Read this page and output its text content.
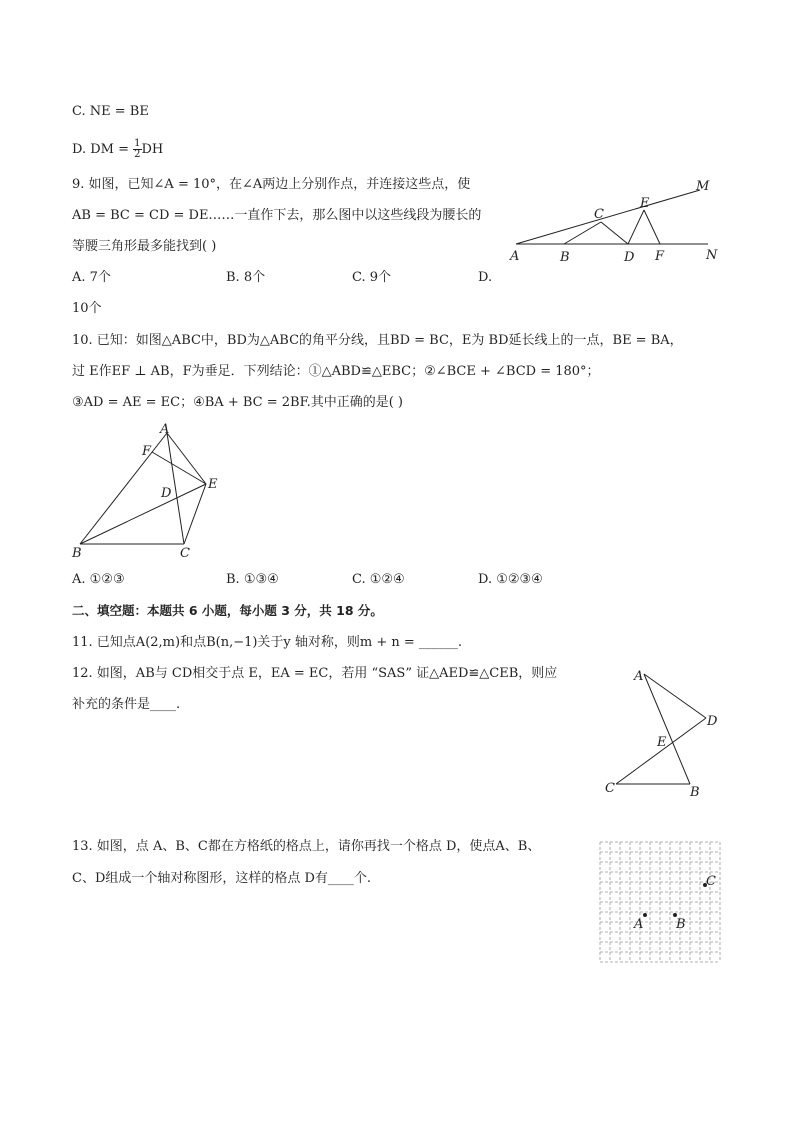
C. NE = BE
D. DM = $\frac{1}{2}$ DH
9. 如图，已知∠A = 10°，在∠A两边上分别作点，并连接这些点，使
AB = BC = CD = DE……一直作下去，那么图中以这些线段为腰长的
等腰三角形最多能找到( )
A. 7个	B. 8个	C. 9个	D.
10个
A	B
C
D
E
F
M
N
10. 已知：如图△ABC中，BD为△ABC的角平分线，且BD = BC，E为 BD延长线上的一点，BE = BA，
过 E作EF ⊥ AB，F为垂足．下列结论：①△ABD≌△EBC；②∠BCE + ∠BCD = 180°；
③AD = AE = EC；④BA + BC = 2BF.其中正确的是( )
A
F
D
E
B	C
A. ①②③	B. ①③④	C. ①②④	D. ①②③④
二、填空题：本题共 6 小题，每小题 3 分，共 18 分。
11. 已知点A(2,m)和点B(n,−1)关于y 轴对称，则m + n = ______.
12. 如图，AB与 CD相交于点 E，EA = EC，若用 “SAS” 证△AED≌△CEB，则应
补充的条件是____.
A
D
E
C	B
13. 如图，点 A、B、C都在方格纸的格点上，请你再找一个格点 D，使点A、B、
C、D组成一个轴对称图形，这样的格点 D有____个.	C
A	B
